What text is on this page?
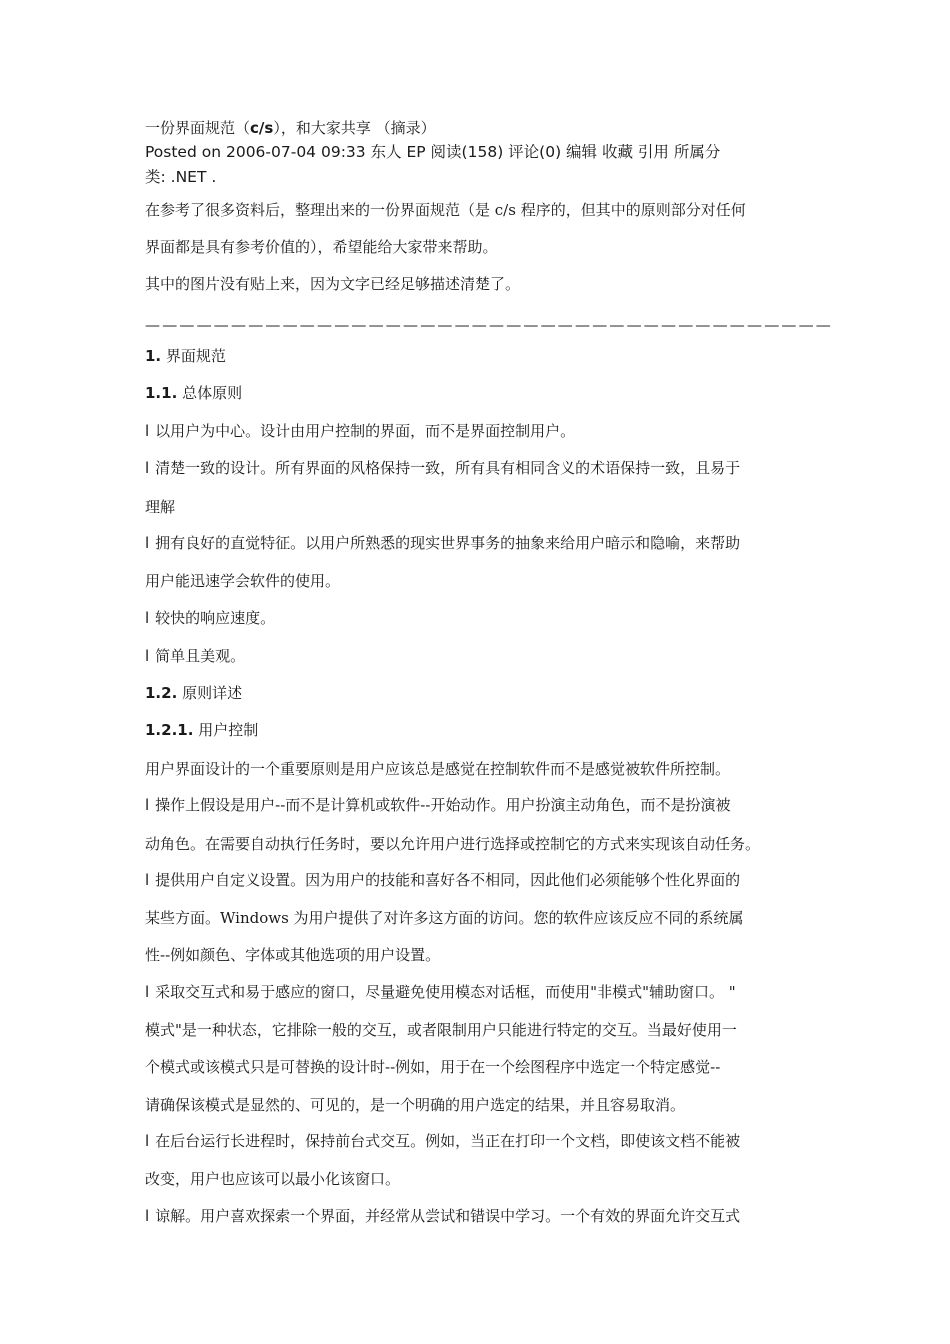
一份界面规范（c/s），和大家共享 （摘录）
Posted on 2006-07-04 09:33 东人 EP 阅读(158) 评论(0) 编辑 收藏 引用 所属分
类: .NET .
在参考了很多资料后，整理出来的一份界面规范（是 c/s 程序的，但其中的原则部分对任何
界面都是具有参考价值的），希望能给大家带来帮助。
其中的图片没有贴上来，因为文字已经足够描述清楚了。
————————————————————————————————————————
1. 界面规范
1.1. 总体原则
l 以用户为中心。设计由用户控制的界面，而不是界面控制用户。
l 清楚一致的设计。所有界面的风格保持一致，所有具有相同含义的术语保持一致，且易于
理解
l 拥有良好的直觉特征。以用户所熟悉的现实世界事务的抽象来给用户暗示和隐喻，来帮助
用户能迅速学会软件的使用。
l 较快的响应速度。
l 简单且美观。
1.2. 原则详述
1.2.1. 用户控制
用户界面设计的一个重要原则是用户应该总是感觉在控制软件而不是感觉被软件所控制。
l 操作上假设是用户--而不是计算机或软件--开始动作。用户扮演主动角色，而不是扮演被
动角色。在需要自动执行任务时，要以允许用户进行选择或控制它的方式来实现该自动任务。
l 提供用户自定义设置。因为用户的技能和喜好各不相同，因此他们必须能够个性化界面的
某些方面。Windows 为用户提供了对许多这方面的访问。您的软件应该反应不同的系统属
性--例如颜色、字体或其他选项的用户设置。
l 采取交互式和易于感应的窗口，尽量避免使用模态对话框，而使用"非模式"辅助窗口。 "
模式"是一种状态，它排除一般的交互，或者限制用户只能进行特定的交互。当最好使用一
个模式或该模式只是可替换的设计时--例如，用于在一个绘图程序中选定一个特定感觉--
请确保该模式是显然的、可见的，是一个明确的用户选定的结果，并且容易取消。
l 在后台运行长进程时，保持前台式交互。例如，当正在打印一个文档，即使该文档不能被
改变，用户也应该可以最小化该窗口。
l 谅解。用户喜欢探索一个界面，并经常从尝试和错误中学习。一个有效的界面允许交互式
